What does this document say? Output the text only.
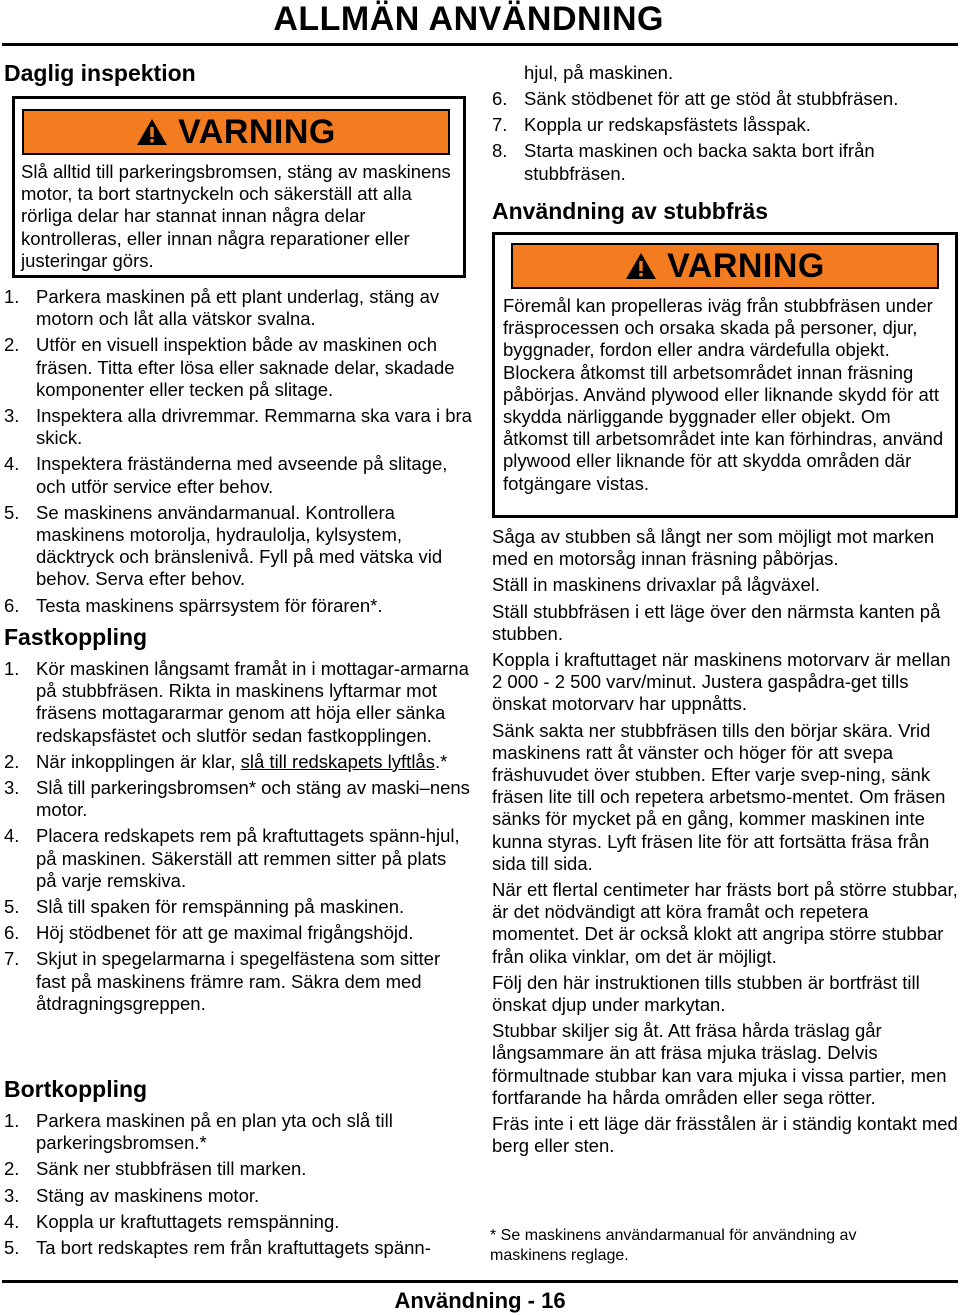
ALLMÄN ANVÄNDNING
Daglig inspektion
VARNING
Slå alltid till parkeringsbromsen, stäng av maskinens motor, ta bort startnyckeln och säkerställ att alla rörliga delar har stannat innan några delar kontrolleras, eller innan några reparationer eller justeringar görs.
1. Parkera maskinen på ett plant underlag, stäng av motorn och låt alla vätskor svalna.
2. Utför en visuell inspektion både av maskinen och fräsen. Titta efter lösa eller saknade delar, skadade komponenter eller tecken på slitage.
3. Inspektera alla drivremmar. Remmarna ska vara i bra skick.
4. Inspektera fräständerna med avseende på slitage, och utför service efter behov.
5. Se maskinens användarmanual. Kontrollera maskinens motorolja, hydraulolja, kylsystem, däcktryck och bränslenivå. Fyll på med vätska vid behov. Serva efter behov.
6. Testa maskinens spärrsystem för föraren*.
Fastkoppling
1. Kör maskinen långsamt framåt in i mottagar-armarna på stubbfräsen. Rikta in maskinens lyftarmar mot fräsens mottagararmar genom att höja eller sänka redskapsfästet och slutför sedan fastkopplingen.
2. När inkopplingen är klar, slå till redskapets lyftlås.*
3. Slå till parkeringsbromsen* och stäng av maski–nens motor.
4. Placera redskapets rem på kraftuttagets spänn-hjul, på maskinen. Säkerställ att remmen sitter på plats på varje remskiva.
5. Slå till spaken för remspänning på maskinen.
6. Höj stödbenet för att ge maximal frigångshöjd.
7. Skjut in spegelarmarna i spegelfästena som sitter fast på maskinens främre ram. Säkra dem med åtdragningsgreppen.
Bortkoppling
1. Parkera maskinen på en plan yta och slå till parkeringsbromsen.*
2. Sänk ner stubbfräsen till marken.
3. Stäng av maskinens motor.
4. Koppla ur kraftuttagets remspänning.
5. Ta bort redskaptes rem från kraftuttagets spänn-
hjul, på maskinen.
6. Sänk stödbenet för att ge stöd åt stubbfräsen.
7. Koppla ur redskapsfästets låsspak.
8. Starta maskinen och backa sakta bort ifrån stubbfräsen.
Användning av stubbfräs
VARNING
Föremål kan propelleras iväg från stubbfräsen under fräsprocessen och orsaka skada på personer, djur, byggnader, fordon eller andra värdefulla objekt. Blockera åtkomst till arbetsområdet innan fräsning påbörjas. Använd plywood eller liknande skydd för att skydda närliggande byggnader eller objekt. Om åtkomst till arbetsområdet inte kan förhindras, använd plywood eller liknande för att skydda områden där fotgängare vistas.

Såga av stubben så långt ner som möjligt mot marken med en motorsåg innan fräsning påbörjas.

Ställ in maskinens drivaxlar på lågväxel.

Ställ stubbfräsen i ett läge över den närmsta kanten på stubben.

Koppla i kraftuttaget när maskinens motorvarv är mellan 2 000 - 2 500 varv/minut. Justera gaspådra-get tills önskat motorvarv har uppnåtts.

Sänk sakta ner stubbfräsen tills den börjar skära. Vrid maskinens ratt åt vänster och höger för att svepa fräshuvudet över stubben. Efter varje svep-ning, sänk fräsen lite till och repetera arbetsmo-mentet. Om fräsen sänks för mycket på en gång, kommer maskinen inte kunna styras. Lyft fräsen lite för att fortsätta fräsa från sida till sida.

När ett flertal centimeter har frästs bort på större stubbar, är det nödvändigt att köra framåt och repetera momentet. Det är också klokt att angripa större stubbar från olika vinklar, om det är möjligt.

Följ den här instruktionen tills stubben är bortfräst till önskat djup under markytan.

Stubbar skiljer sig åt. Att fräsa hårda träslag går långsammare än att fräsa mjuka träslag. Delvis förmultnade stubbar kan vara mjuka i vissa partier, men fortfarande ha hårda områden eller sega rötter.

Fräs inte i ett läge där frässtålen är i ständig kontakt med berg eller sten.

* Se maskinens användarmanual för användning av maskinens reglage.
Användning - 16
